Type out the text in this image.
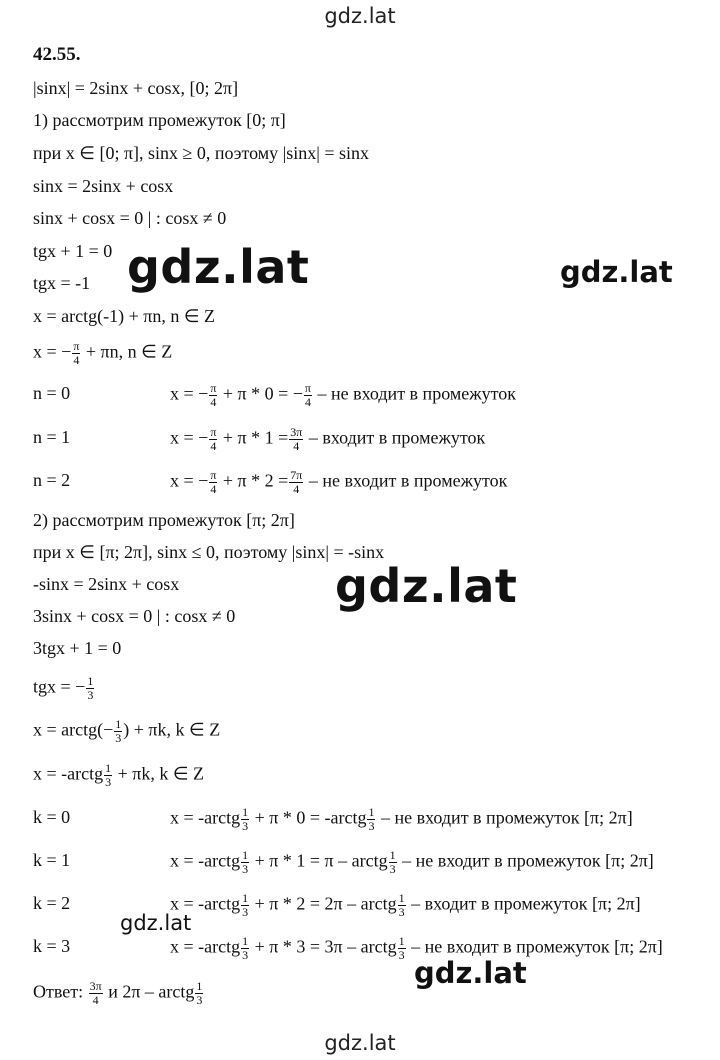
gdz.lat
gdz.lat	gdz.lat
gdz.lat
gdz.lat
gdz.lat
gdz.lat
42.55.
|sinx| = 2sinx + cosx, [0; 2π]
1) рассмотрим промежуток [0; π]
при x ∈ [0; π], sinx ≥ 0, поэтому |sinx| = sinx
sinx = 2sinx + cosx
sinx + cosx = 0 | : cosx ≠ 0
tgx + 1 = 0
tgx = -1
x = arctg(-1) + πn, n ∈ Z
x = − $\frac{\pi}{4} + \pi n$, n ∈ Z
n = 0	x = − $\frac{\pi}{4} + \pi * 0$ = − $\frac{\pi}{4}$ – не входит в промежуток
n = 1	x = − $\frac{\pi}{4} + \pi * 1 = \frac{3\pi}{4}$ – входит в промежуток
n = 2	x = − $\frac{\pi}{4} + \pi * 2 = \frac{7\pi}{4}$ – не входит в промежуток
2) рассмотрим промежуток [π; 2π]
при x ∈ [π; 2π], sinx ≤ 0, поэтому |sinx| = -sinx
-sinx = 2sinx + cosx
3sinx + cosx = 0 | : cosx ≠ 0
3tgx + 1 = 0
tgx = − $\frac{1}{3}$
x = arctg(− $\frac{1}{3}$ ) + πk, k ∈ Z
x = -arctg $\frac{1}{3} + \pi k$, k ∈ Z
k = 0	x = -arctg $\frac{1}{3} + \pi * 0$ = -arctg $\frac{1}{3}$ – не входит в промежуток [π; 2π]
k = 1	x = -arctg $\frac{1}{3} + \pi * 1 = \pi$ – arctg $\frac{1}{3}$ – не входит в промежуток [π; 2π]
k = 2	x = -arctg $\frac{1}{3} + \pi * 2 = 2\pi$ – arctg $\frac{1}{3}$ – входит в промежуток [π; 2π]
k = 3	x = -arctg $\frac{1}{3} + \pi * 3 = 3\pi$ – arctg $\frac{1}{3}$ – не входит в промежуток [π; 2π]
Ответ: $\frac{3\pi}{4}$ и 2π – arctg $\frac{1}{3}$
